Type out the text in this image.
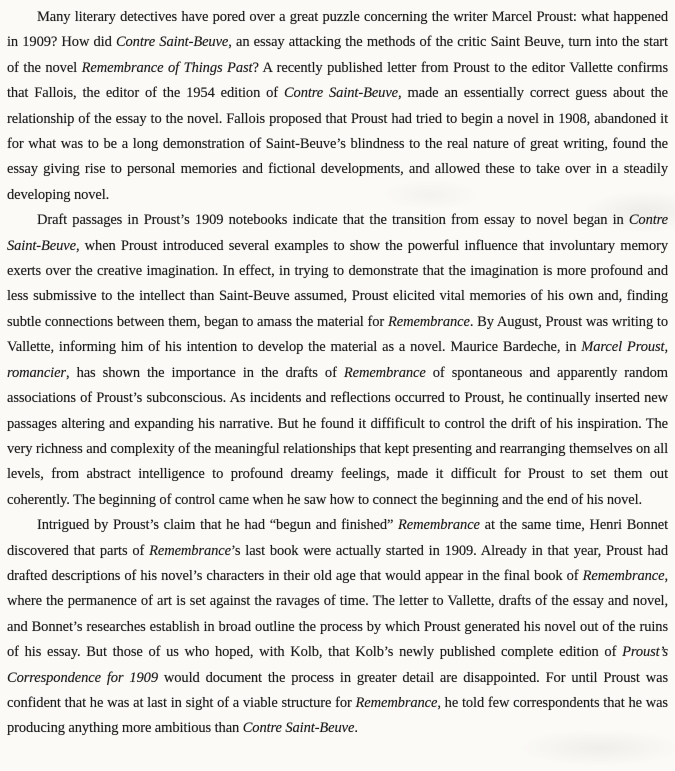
Many literary detectives have pored over a great puzzle concerning the writer Marcel Proust: what happened in 1909? How did Contre Saint-Beuve, an essay attacking the methods of the critic Saint Beuve, turn into the start of the novel Remembrance of Things Past? A recently published letter from Proust to the editor Vallette confirms that Fallois, the editor of the 1954 edition of Contre Saint-Beuve, made an essentially correct guess about the relationship of the essay to the novel. Fallois proposed that Proust had tried to begin a novel in 1908, abandoned it for what was to be a long demonstration of Saint-Beuve’s blindness to the real nature of great writing, found the essay giving rise to personal memories and fictional developments, and allowed these to take over in a steadily developing novel.

Draft passages in Proust’s 1909 notebooks indicate that the transition from essay to novel began in Contre Saint-Beuve, when Proust introduced several examples to show the powerful influence that involuntary memory exerts over the creative imagination. In effect, in trying to demonstrate that the imagination is more profound and less submissive to the intellect than Saint-Beuve assumed, Proust elicited vital memories of his own and, finding subtle connections between them, began to amass the material for Remembrance. By August, Proust was writing to Vallette, informing him of his intention to develop the material as a novel. Maurice Bardeche, in Marcel Proust, romancier, has shown the importance in the drafts of Remembrance of spontaneous and apparently random associations of Proust’s subconscious. As incidents and reflections occurred to Proust, he continually inserted new passages altering and expanding his narrative. But he found it diffificult to control the drift of his inspiration. The very richness and complexity of the meaningful relationships that kept presenting and rearranging themselves on all levels, from abstract intelligence to profound dreamy feelings, made it difficult for Proust to set them out coherently. The beginning of control came when he saw how to connect the beginning and the end of his novel.

Intrigued by Proust’s claim that he had “begun and finished” Remembrance at the same time, Henri Bonnet discovered that parts of Remembrance’s last book were actually started in 1909. Already in that year, Proust had drafted descriptions of his novel’s characters in their old age that would appear in the final book of Remembrance, where the permanence of art is set against the ravages of time. The letter to Vallette, drafts of the essay and novel, and Bonnet’s researches establish in broad outline the process by which Proust generated his novel out of the ruins of his essay. But those of us who hoped, with Kolb, that Kolb’s newly published complete edition of Proust’s Correspondence for 1909 would document the process in greater detail are disappointed. For until Proust was confident that he was at last in sight of a viable structure for Remembrance, he told few correspondents that he was producing anything more ambitious than Contre Saint-Beuve.
